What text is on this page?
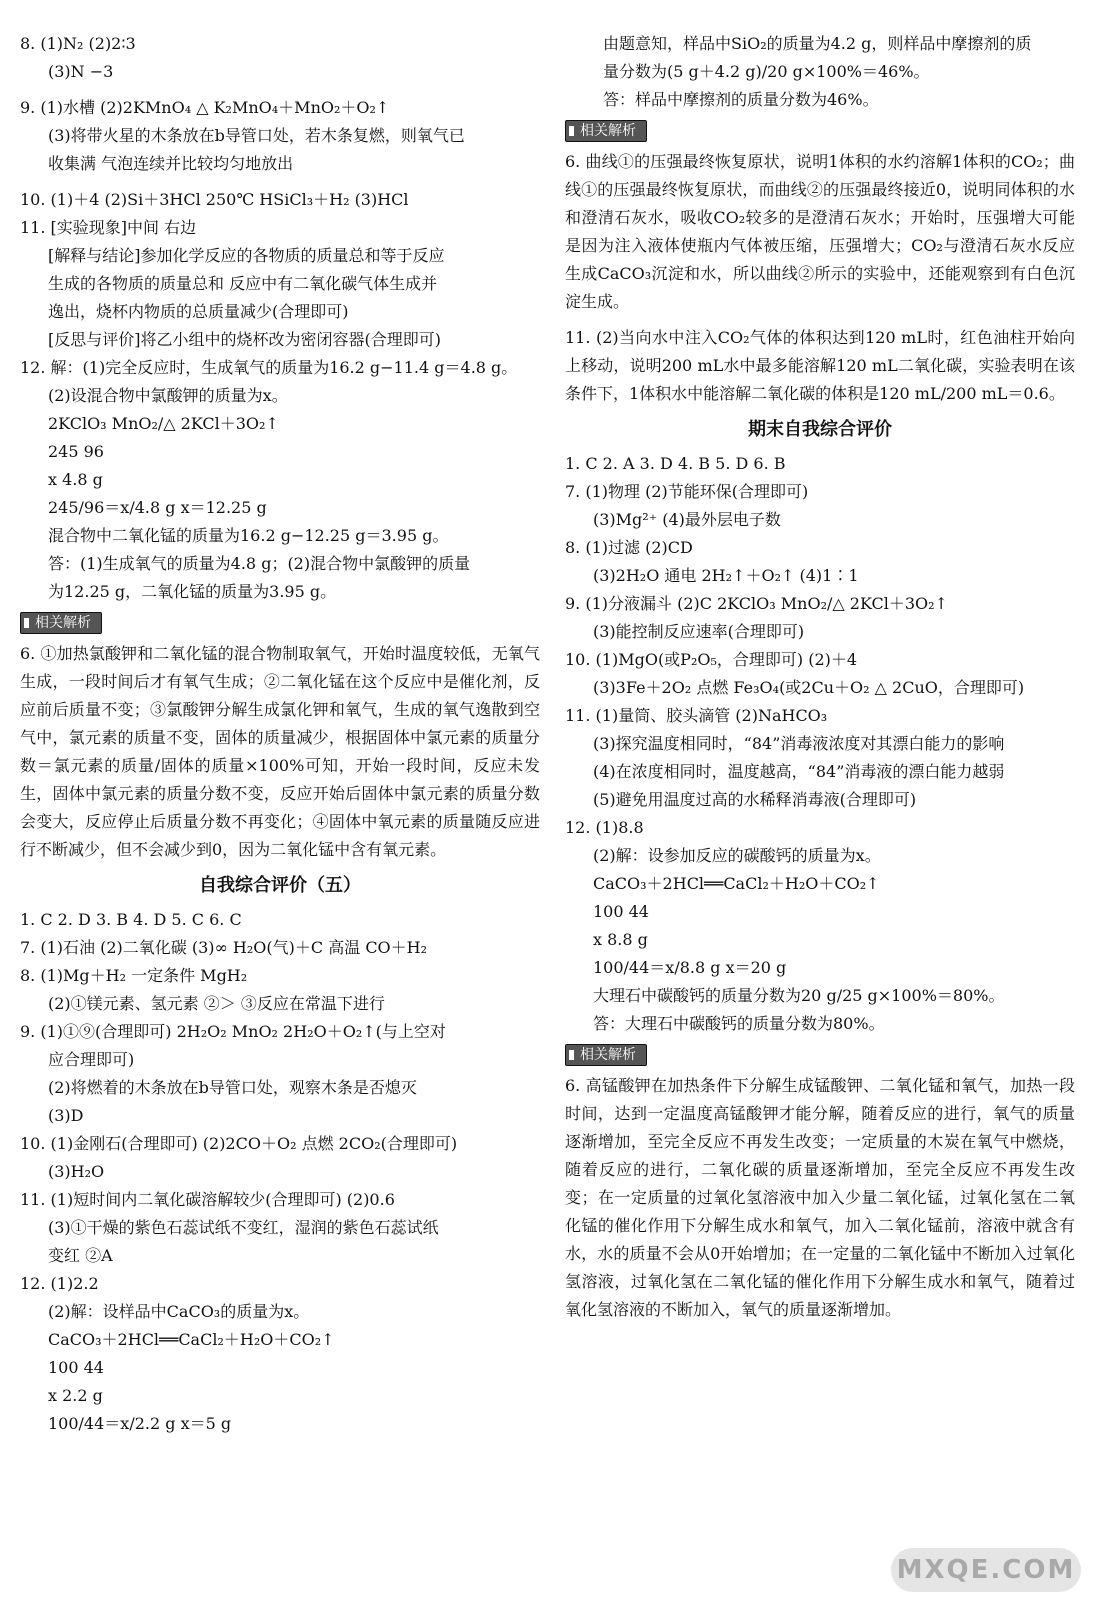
8. (1)N₂ (2)2∶3
(3)N −3
9. (1)水槽 (2)2KMnO₄ △ K₂MnO₄＋MnO₂＋O₂↑
(3)将带火星的木条放在b导管口处，若木条复燃，则氧气已
收集满 气泡连续并比较均匀地放出
10. (1)＋4 (2)Si＋3HCl 250℃ HSiCl₃＋H₂ (3)HCl
11. [实验现象]中间 右边
[解释与结论]参加化学反应的各物质的质量总和等于反应
生成的各物质的质量总和 反应中有二氧化碳气体生成并
逸出，烧杯内物质的总质量减少(合理即可)
[反思与评价]将乙小组中的烧杯改为密闭容器(合理即可)
12. 解：(1)完全反应时，生成氧气的质量为16.2 g−11.4 g＝4.8 g。
(2)设混合物中氯酸钾的质量为x。
2KClO₃ MnO₂/△ 2KCl＋3O₂↑
245 96
x 4.8 g
245/96＝x/4.8 g x＝12.25 g
混合物中二氧化锰的质量为16.2 g−12.25 g＝3.95 g。
答：(1)生成氧气的质量为4.8 g；(2)混合物中氯酸钾的质量
为12.25 g，二氧化锰的质量为3.95 g。
相关解析
6. ①加热氯酸钾和二氧化锰的混合物制取氧气，开始时温度较低，无氧气生成，一段时间后才有氧气生成；②二氧化锰在这个反应中是催化剂，反应前后质量不变；③氯酸钾分解生成氯化钾和氧气，生成的氧气逸散到空气中，氯元素的质量不变，固体的质量减少，根据固体中氯元素的质量分数＝氯元素的质量/固体的质量×100%可知，开始一段时间，反应未发生，固体中氯元素的质量分数不变，反应开始后固体中氯元素的质量分数会变大，反应停止后质量分数不再变化；④固体中氧元素的质量随反应进行不断减少，但不会减少到0，因为二氧化锰中含有氧元素。
自我综合评价（五）
1. C 2. D 3. B 4. D 5. C 6. C
7. (1)石油 (2)二氧化碳 (3)∞ H₂O(气)＋C 高温 CO＋H₂
8. (1)Mg＋H₂ 一定条件 MgH₂
(2)①镁元素、氢元素 ②＞ ③反应在常温下进行
9. (1)①⑨(合理即可) 2H₂O₂ MnO₂ 2H₂O＋O₂↑(与上空对
应合理即可)
(2)将燃着的木条放在b导管口处，观察木条是否熄灭
(3)D
10. (1)金刚石(合理即可) (2)2CO＋O₂ 点燃 2CO₂(合理即可)
(3)H₂O
11. (1)短时间内二氧化碳溶解较少(合理即可) (2)0.6
(3)①干燥的紫色石蕊试纸不变红，湿润的紫色石蕊试纸
变红 ②A
12. (1)2.2
(2)解：设样品中CaCO₃的质量为x。
CaCO₃＋2HCl══CaCl₂＋H₂O＋CO₂↑
100 44
x 2.2 g
100/44＝x/2.2 g x＝5 g
由题意知，样品中SiO₂的质量为4.2 g，则样品中摩擦剂的质
量分数为(5 g＋4.2 g)/20 g×100%＝46%。
答：样品中摩擦剂的质量分数为46%。
相关解析
6. 曲线①的压强最终恢复原状，说明1体积的水约溶解1体积的CO₂；曲线①的压强最终恢复原状，而曲线②的压强最终接近0，说明同体积的水和澄清石灰水，吸收CO₂较多的是澄清石灰水；开始时，压强增大可能是因为注入液体使瓶内气体被压缩，压强增大；CO₂与澄清石灰水反应生成CaCO₃沉淀和水，所以曲线②所示的实验中，还能观察到有白色沉淀生成。
11. (2)当向水中注入CO₂气体的体积达到120 mL时，红色油柱开始向上移动，说明200 mL水中最多能溶解120 mL二氧化碳，实验表明在该条件下，1体积水中能溶解二氧化碳的体积是120 mL/200 mL＝0.6。
期末自我综合评价
1. C 2. A 3. D 4. B 5. D 6. B
7. (1)物理 (2)节能环保(合理即可)
(3)Mg²⁺ (4)最外层电子数
8. (1)过滤 (2)CD
(3)2H₂O 通电 2H₂↑＋O₂↑ (4)1∶1
9. (1)分液漏斗 (2)C 2KClO₃ MnO₂/△ 2KCl＋3O₂↑
(3)能控制反应速率(合理即可)
10. (1)MgO(或P₂O₅，合理即可) (2)＋4
(3)3Fe＋2O₂ 点燃 Fe₃O₄(或2Cu＋O₂ △ 2CuO，合理即可)
11. (1)量筒、胶头滴管 (2)NaHCO₃
(3)探究温度相同时，“84”消毒液浓度对其漂白能力的影响
(4)在浓度相同时，温度越高，“84”消毒液的漂白能力越弱
(5)避免用温度过高的水稀释消毒液(合理即可)
12. (1)8.8
(2)解：设参加反应的碳酸钙的质量为x。
CaCO₃＋2HCl══CaCl₂＋H₂O＋CO₂↑
100 44
x 8.8 g
100/44＝x/8.8 g x＝20 g
大理石中碳酸钙的质量分数为20 g/25 g×100%＝80%。
答：大理石中碳酸钙的质量分数为80%。
相关解析
6. 高锰酸钾在加热条件下分解生成锰酸钾、二氧化锰和氧气，加热一段时间，达到一定温度高锰酸钾才能分解，随着反应的进行，氧气的质量逐渐增加，至完全反应不再发生改变；一定质量的木炭在氧气中燃烧，随着反应的进行，二氧化碳的质量逐渐增加，至完全反应不再发生改变；在一定质量的过氧化氢溶液中加入少量二氧化锰，过氧化氢在二氧化锰的催化作用下分解生成水和氧气，加入二氧化锰前，溶液中就含有水，水的质量不会从0开始增加；在一定量的二氧化锰中不断加入过氧化氢溶液，过氧化氢在二氧化锰的催化作用下分解生成水和氧气，随着过氧化氢溶液的不断加入，氧气的质量逐渐增加。
MXQE.COM
